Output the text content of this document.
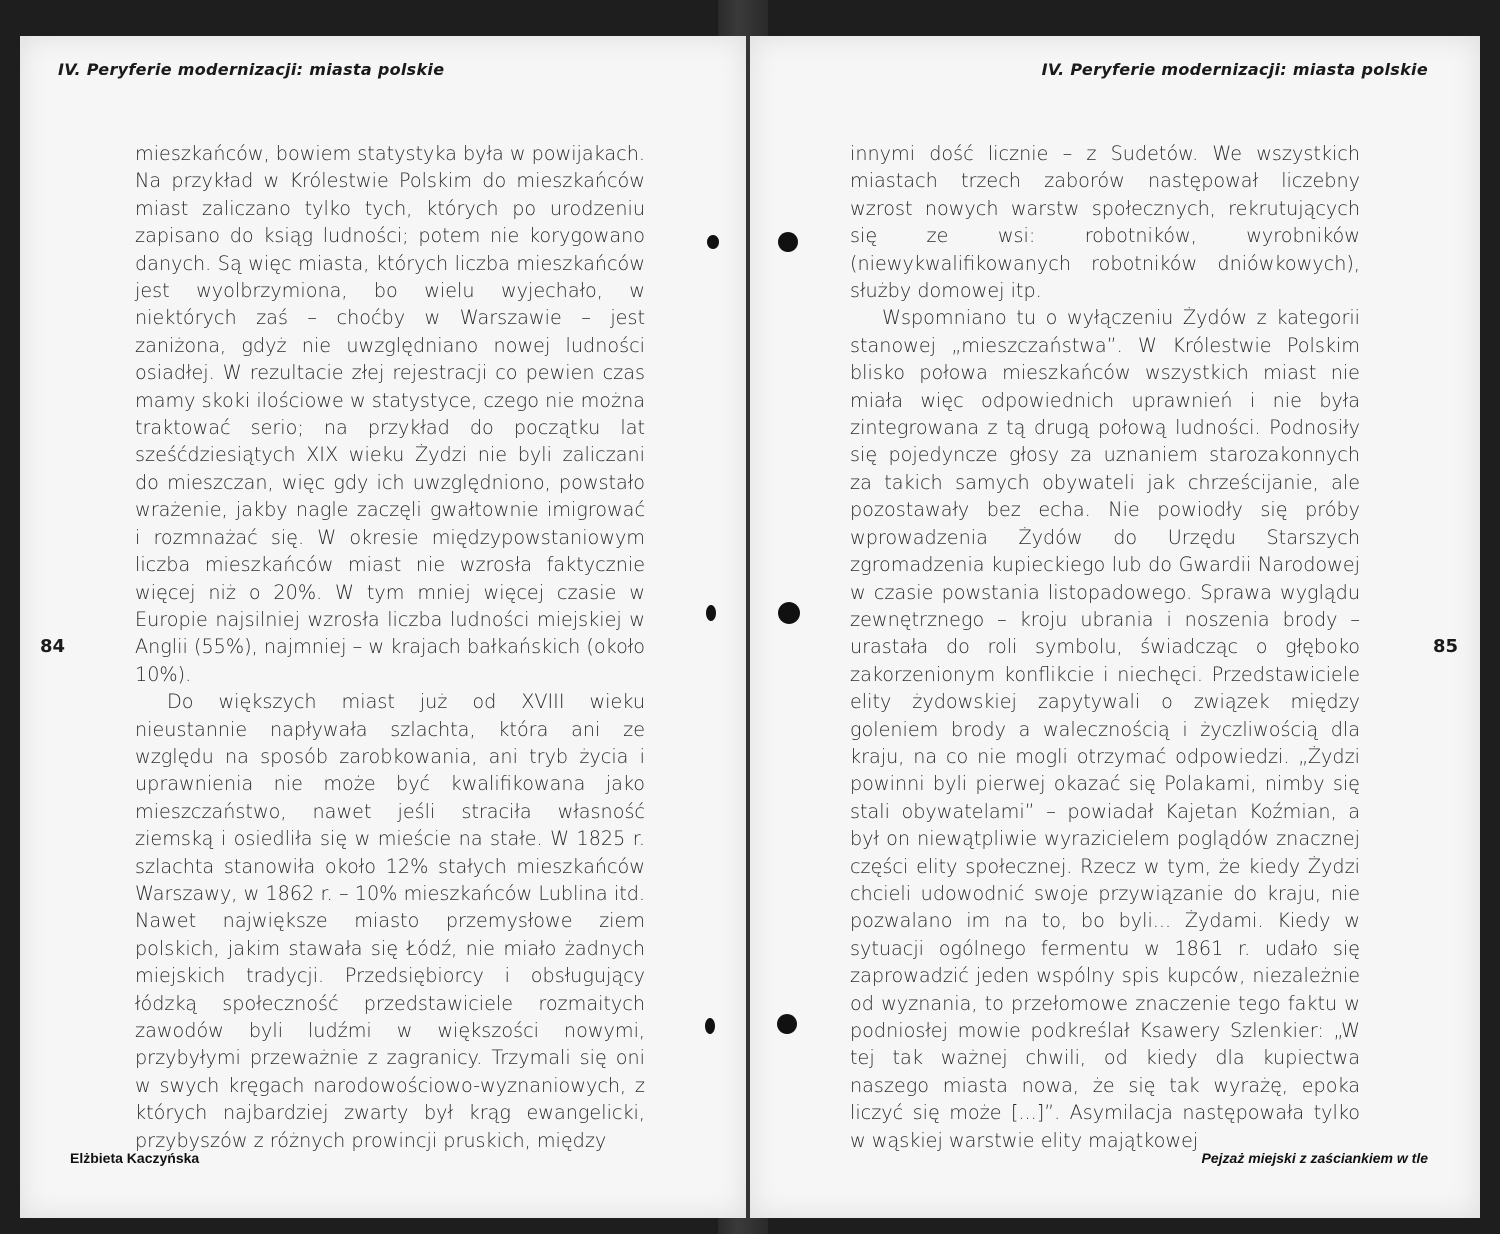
IV. Peryferie modernizacji: miasta polskie
84

mieszkańców, bowiem statystyka była w powijakach. Na przykład w Królestwie Polskim do mieszkańców miast zaliczano tylko tych, których po urodzeniu zapisano do ksiąg ludności; potem nie korygowano danych. Są więc miasta, których liczba mieszkańców jest wyolbrzymiona, bo wielu wyjechało, w niektórych zaś – choćby w Warszawie – jest zaniżona, gdyż nie uwzględniano nowej ludności osiadłej. W rezultacie złej rejestracji co pewien czas mamy skoki ilościowe w statystyce, czego nie można traktować serio; na przykład do początku lat sześćdziesiątych XIX wieku Żydzi nie byli zaliczani do mieszczan, więc gdy ich uwzględniono, powstało wrażenie, jakby nagle zaczęli gwałtownie imigrować i rozmnażać się. W okresie międzypowstaniowym liczba mieszkańców miast nie wzrosła faktycznie więcej niż o 20%. W tym mniej więcej czasie w Europie najsilniej wzrosła liczba ludności miejskiej w Anglii (55%), najmniej – w krajach bałkańskich (około 10%).

Do większych miast już od XVIII wieku nieustannie napływała szlachta, która ani ze względu na sposób zarobkowania, ani tryb życia i uprawnienia nie może być kwalifikowana jako mieszczaństwo, nawet jeśli straciła własność ziemską i osiedliła się w mieście na stałe. W 1825 r. szlachta stanowiła około 12% stałych mieszkańców Warszawy, w 1862 r. – 10% mieszkańców Lublina itd. Nawet największe miasto przemysłowe ziem polskich, jakim stawała się Łódź, nie miało żadnych miejskich tradycji. Przedsiębiorcy i obsługujący łódzką społeczność przedstawiciele rozmaitych zawodów byli ludźmi w większości nowymi, przybyłymi przeważnie z zagranicy. Trzymali się oni w swych kręgach narodowościowo-wyznaniowych, z których najbardziej zwarty był krąg ewangelicki, przybyszów z różnych prowincji pruskich, między

Elżbieta Kaczyńska
IV. Peryferie modernizacji: miasta polskie
85

innymi dość licznie – z Sudetów. We wszystkich miastach trzech zaborów następował liczebny wzrost nowych warstw społecznych, rekrutujących się ze wsi: robotników, wyrobników (niewykwalifikowanych robotników dniówkowych), służby domowej itp.

Wspomniano tu o wyłączeniu Żydów z kategorii stanowej „mieszczaństwa”. W Królestwie Polskim blisko połowa mieszkańców wszystkich miast nie miała więc odpowiednich uprawnień i nie była zintegrowana z tą drugą połową ludności. Podnosiły się pojedyncze głosy za uznaniem starozakonnych za takich samych obywateli jak chrześcijanie, ale pozostawały bez echa. Nie powiodły się próby wprowadzenia Żydów do Urzędu Starszych zgromadzenia kupieckiego lub do Gwardii Narodowej w czasie powstania listopadowego. Sprawa wyglądu zewnętrznego – kroju ubrania i noszenia brody – urastała do roli symbolu, świadcząc o głęboko zakorzenionym konflikcie i niechęci. Przedstawiciele elity żydowskiej zapytywali o związek między goleniem brody a walecznością i życzliwością dla kraju, na co nie mogli otrzymać odpowiedzi. „Żydzi powinni byli pierwej okazać się Polakami, nimby się stali obywatelami” – powiadał Kajetan Koźmian, a był on niewątpliwie wyrazicielem poglądów znacznej części elity społecznej. Rzecz w tym, że kiedy Żydzi chcieli udowodnić swoje przywiązanie do kraju, nie pozwalano im na to, bo byli... Żydami. Kiedy w sytuacji ogólnego fermentu w 1861 r. udało się zaprowadzić jeden wspólny spis kupców, niezależnie od wyznania, to przełomowe znaczenie tego faktu w podniosłej mowie podkreślał Ksawery Szlenkier: „W tej tak ważnej chwili, od kiedy dla kupiectwa naszego miasta nowa, że się tak wyrażę, epoka liczyć się może [...]”. Asymilacja następowała tylko w wąskiej warstwie elity majątkowej

Pejzaż miejski z zaściankiem w tle
